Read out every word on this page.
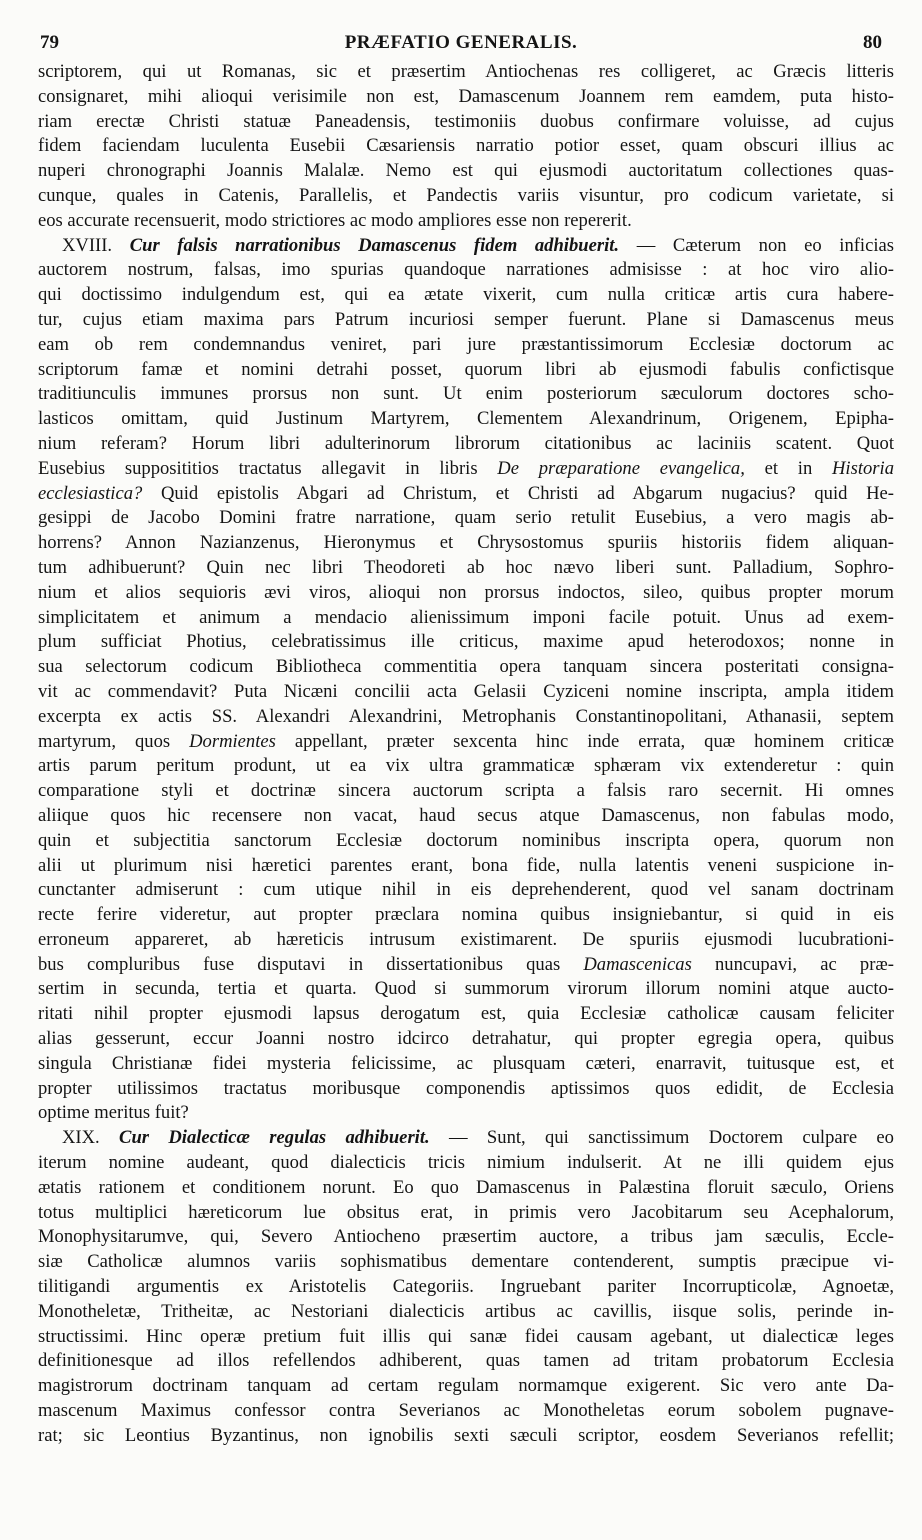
79	PRÆFATIO GENERALIS.	80
scriptorem, qui ut Romanas, sic et præsertim Antiochenas res colligeret, ac Græcis litteris
consignaret, mihi alioqui verisimile non est, Damascenum Joannem rem eamdem, puta histo-
riam erectæ Christi statuæ Paneadensis, testimoniis duobus confirmare voluisse, ad cujus
fidem faciendam luculenta Eusebii Cæsariensis narratio potior esset, quam obscuri illius ac
nuperi chronographi Joannis Malalæ. Nemo est qui ejusmodi auctoritatum collectiones quas-
cunque, quales in Catenis, Parallelis, et Pandectis variis visuntur, pro codicum varietate, si
eos accurate recensuerit, modo strictiores ac modo ampliores esse non repererit.
XVIII. Cur falsis narrationibus Damascenus fidem adhibuerit. — Cæterum non eo inficias
auctorem nostrum, falsas, imo spurias quandoque narrationes admisisse : at hoc viro alio-
qui doctissimo indulgendum est, qui ea ætate vixerit, cum nulla criticæ artis cura habere-
tur, cujus etiam maxima pars Patrum incuriosi semper fuerunt. Plane si Damascenus meus
eam ob rem condemnandus veniret, pari jure præstantissimorum Ecclesiæ doctorum ac
scriptorum famæ et nomini detrahi posset, quorum libri ab ejusmodi fabulis confictisque
traditiunculis immunes prorsus non sunt. Ut enim posteriorum sæculorum doctores scho-
lasticos omittam, quid Justinum Martyrem, Clementem Alexandrinum, Origenem, Epipha-
nium referam? Horum libri adulterinorum librorum citationibus ac laciniis scatent. Quot
Eusebius supposititios tractatus allegavit in libris De præparatione evangelica, et in Historia
ecclesiastica? Quid epistolis Abgari ad Christum, et Christi ad Abgarum nugacius? quid He-
gesippi de Jacobo Domini fratre narratione, quam serio retulit Eusebius, a vero magis ab-
horrens? Annon Nazianzenus, Hieronymus et Chrysostomus spuriis historiis fidem aliquan-
tum adhibuerunt? Quin nec libri Theodoreti ab hoc nævo liberi sunt. Palladium, Sophro-
nium et alios sequioris ævi viros, alioqui non prorsus indoctos, sileo, quibus propter morum
simplicitatem et animum a mendacio alienissimum imponi facile potuit. Unus ad exem-
plum sufficiat Photius, celebratissimus ille criticus, maxime apud heterodoxos; nonne in
sua selectorum codicum Bibliotheca commentitia opera tanquam sincera posteritati consigna-
vit ac commendavit? Puta Nicæni concilii acta Gelasii Cyziceni nomine inscripta, ampla itidem
excerpta ex actis SS. Alexandri Alexandrini, Metrophanis Constantinopolitani, Athanasii, septem
martyrum, quos Dormientes appellant, præter sexcenta hinc inde errata, quæ hominem criticæ
artis parum peritum produnt, ut ea vix ultra grammaticæ sphæram vix extenderetur : quin
comparatione styli et doctrinæ sincera auctorum scripta a falsis raro secernit. Hi omnes
aliique quos hic recensere non vacat, haud secus atque Damascenus, non fabulas modo,
quin et subjectitia sanctorum Ecclesiæ doctorum nominibus inscripta opera, quorum non
alii ut plurimum nisi hæretici parentes erant, bona fide, nulla latentis veneni suspicione in-
cunctanter admiserunt : cum utique nihil in eis deprehenderent, quod vel sanam doctrinam
recte ferire videretur, aut propter præclara nomina quibus insigniebantur, si quid in eis
erroneum appareret, ab hæreticis intrusum existimarent. De spuriis ejusmodi lucubrationi-
bus compluribus fuse disputavi in dissertationibus quas Damascenicas nuncupavi, ac præ-
sertim in secunda, tertia et quarta. Quod si summorum virorum illorum nomini atque aucto-
ritati nihil propter ejusmodi lapsus derogatum est, quia Ecclesiæ catholicæ causam feliciter
alias gesserunt, eccur Joanni nostro idcirco detrahatur, qui propter egregia opera, quibus
singula Christianæ fidei mysteria felicissime, ac plusquam cæteri, enarravit, tuitusque est, et
propter utilissimos tractatus moribusque componendis aptissimos quos edidit, de Ecclesia
optime meritus fuit?
XIX. Cur Dialecticæ regulas adhibuerit. — Sunt, qui sanctissimum Doctorem culpare eo
iterum nomine audeant, quod dialecticis tricis nimium indulserit. At ne illi quidem ejus
ætatis rationem et conditionem norunt. Eo quo Damascenus in Palæstina floruit sæculo, Oriens
totus multiplici hæreticorum lue obsitus erat, in primis vero Jacobitarum seu Acephalorum,
Monophysitarumve, qui, Severo Antiocheno præsertim auctore, a tribus jam sæculis, Eccle-
siæ Catholicæ alumnos variis sophismatibus dementare contenderent, sumptis præcipue vi-
tilitigandi argumentis ex Aristotelis Categoriis. Ingruebant pariter Incorrupticolæ, Agnoetæ,
Monotheletæ, Tritheitæ, ac Nestoriani dialecticis artibus ac cavillis, iisque solis, perinde in-
structissimi. Hinc operæ pretium fuit illis qui sanæ fidei causam agebant, ut dialecticæ leges
definitionesque ad illos refellendos adhiberent, quas tamen ad tritam probatorum Ecclesia
magistrorum doctrinam tanquam ad certam regulam normamque exigerent. Sic vero ante Da-
mascenum Maximus confessor contra Severianos ac Monotheletas eorum sobolem pugnave-
rat; sic Leontius Byzantinus, non ignobilis sexti sæculi scriptor, eosdem Severianos refellit;
